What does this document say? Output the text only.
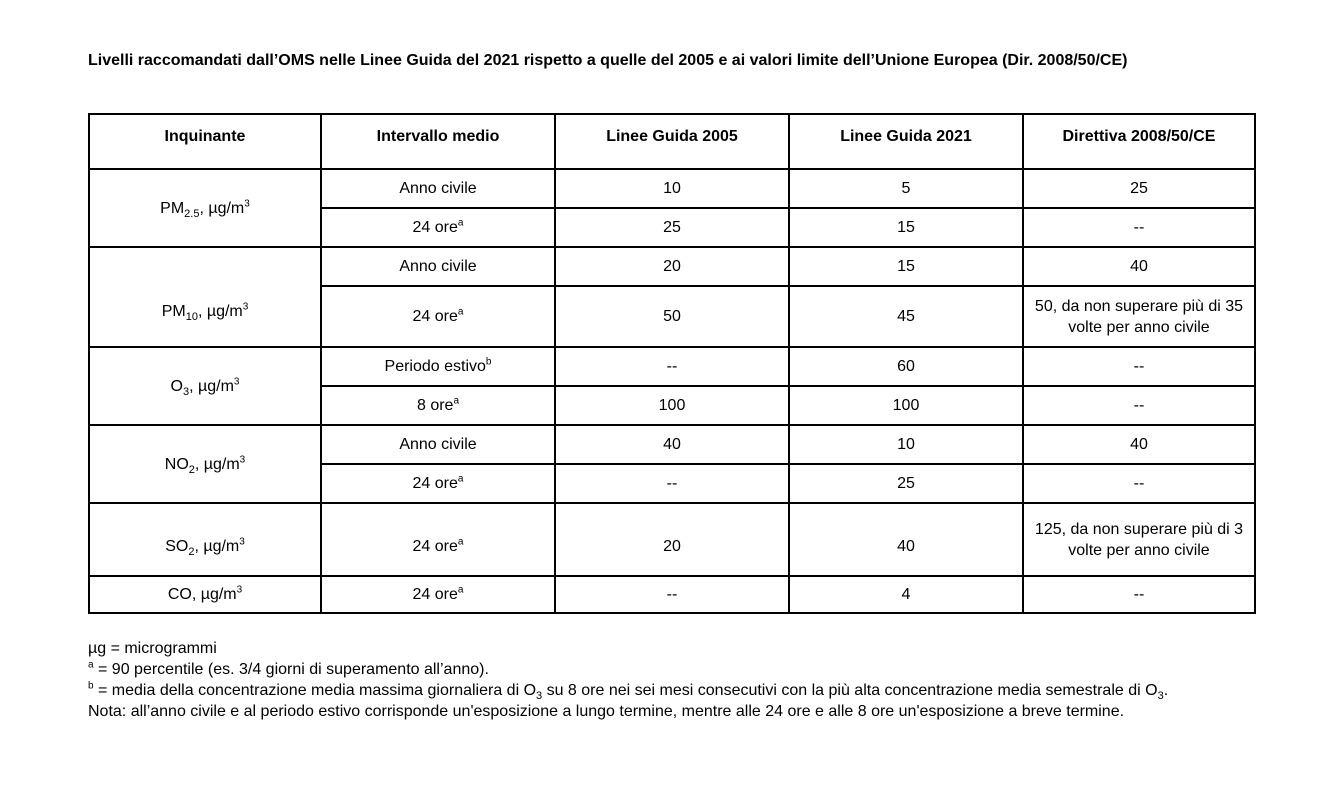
Livelli raccomandati dall’OMS nelle Linee Guida del 2021 rispetto a quelle del 2005 e ai valori limite dell’Unione Europea (Dir. 2008/50/CE)
Inquinante	Intervallo medio	Linee Guida 2005	Linee Guida 2021	Direttiva 2008/50/CE
$PM_{2.5}$, $\mu g/m^3$	Anno civile	10	5	25
	24 ore$^a$	25	15	--
$PM_{10}$, $\mu g/m^3$	Anno civile	20	15	40
	24 ore$^a$	50	45	50, da non superare più di 35 volte per anno civile
$O_3$, $\mu g/m^3$	Periodo estivo$^b$	--	60	--
	8 ore$^a$	100	100	--
$NO_2$, $\mu g/m^3$	Anno civile	40	10	40
	24 ore$^a$	--	25	--
$SO_2$, $\mu g/m^3$	24 ore$^a$	20	40	125, da non superare più di 3 volte per anno civile
CO, $\mu g/m^3$	24 ore$^a$	--	4	--

µg = microgrammi

$^a$ = 90 percentile (es. 3/4 giorni di superamento all’anno).

$^b$ = media della concentrazione media massima giornaliera di $O_3$ su 8 ore nei sei mesi consecutivi con la più alta concentrazione media semestrale di $O_3$.

Nota: all’anno civile e al periodo estivo corrisponde un'esposizione a lungo termine, mentre alle 24 ore e alle 8 ore un'esposizione a breve termine.
